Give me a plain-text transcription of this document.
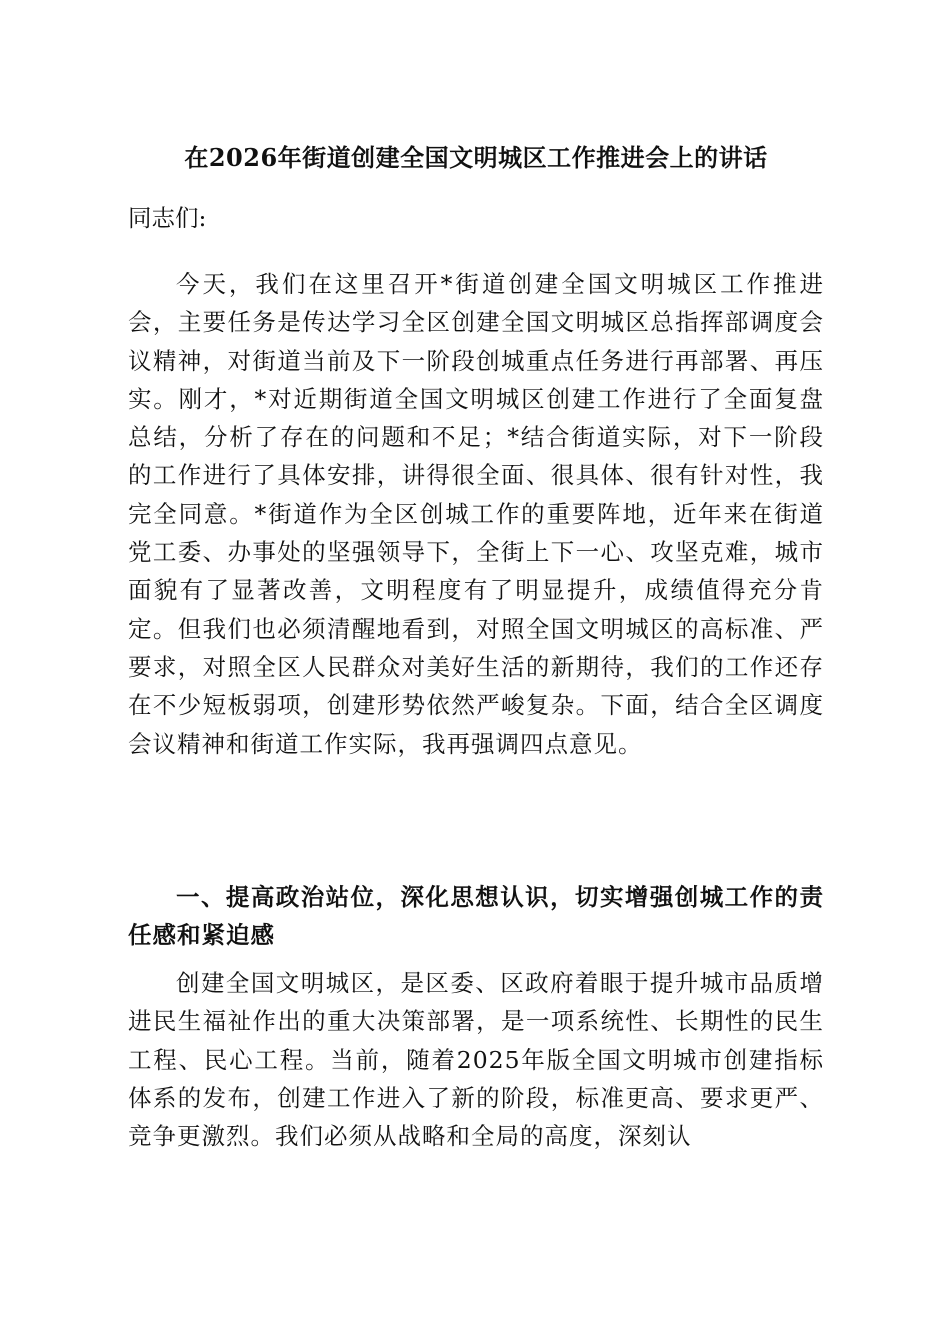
在2026年街道创建全国文明城区工作推进会上的讲话
同志们:

今天，我们在这里召开*街道创建全国文明城区工作推进会，主要任务是传达学习全区创建全国文明城区总指挥部调度会议精神，对街道当前及下一阶段创城重点任务进行再部署、再压实。刚才，*对近期街道全国文明城区创建工作进行了全面复盘总结，分析了存在的问题和不足；*结合街道实际，对下一阶段的工作进行了具体安排，讲得很全面、很具体、很有针对性，我完全同意。*街道作为全区创城工作的重要阵地，近年来在街道党工委、办事处的坚强领导下，全街上下一心、攻坚克难，城市面貌有了显著改善，文明程度有了明显提升，成绩值得充分肯定。但我们也必须清醒地看到，对照全国文明城区的高标准、严要求，对照全区人民群众对美好生活的新期待，我们的工作还存在不少短板弱项，创建形势依然严峻复杂。下面，结合全区调度会议精神和街道工作实际，我再强调四点意见。

一、提高政治站位，深化思想认识，切实增强创城工作的责任感和紧迫感

创建全国文明城区，是区委、区政府着眼于提升城市品质增进民生福祉作出的重大决策部署，是一项系统性、长期性的民生工程、民心工程。当前，随着2025年版全国文明城市创建指标体系的发布，创建工作进入了新的阶段，标准更高、要求更严、竞争更激烈。我们必须从战略和全局的高度，深刻认
